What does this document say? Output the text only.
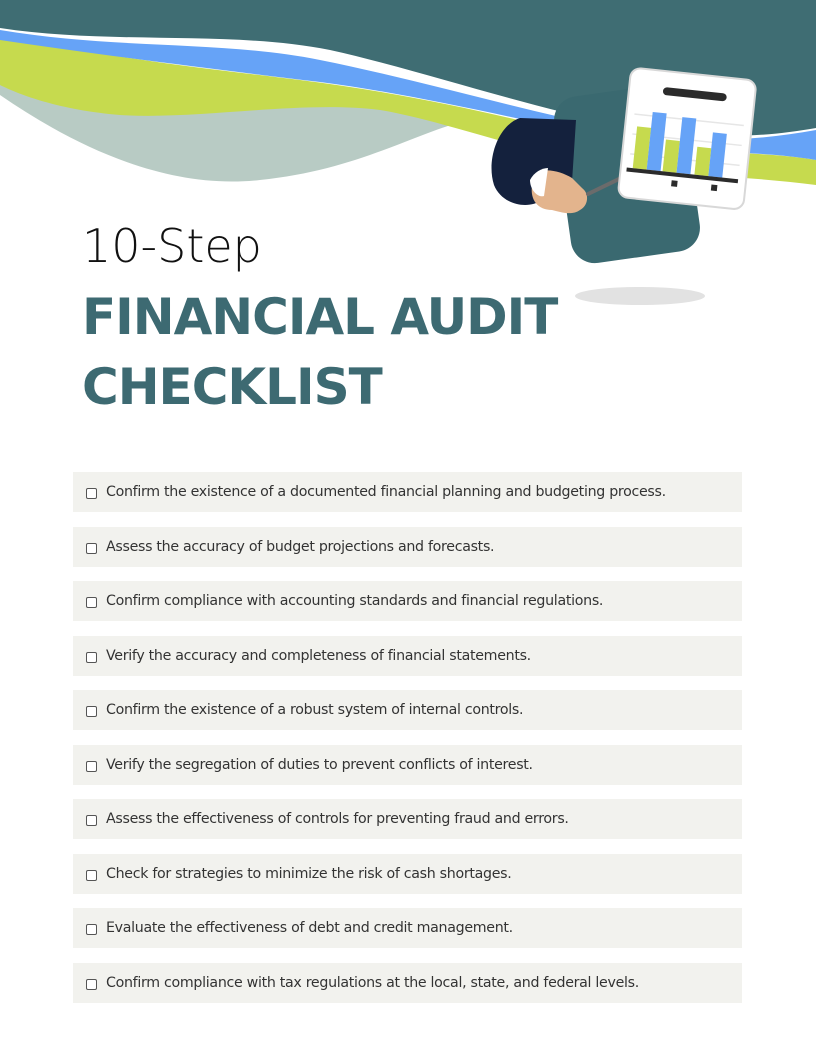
10-Step
FINANCIAL AUDIT
CHECKLIST
Confirm the existence of a documented financial planning and budgeting process.
Assess the accuracy of budget projections and forecasts.
Confirm compliance with accounting standards and financial regulations.
Verify the accuracy and completeness of financial statements.
Confirm the existence of a robust system of internal controls.
Verify the segregation of duties to prevent conflicts of interest.
Assess the effectiveness of controls for preventing fraud and errors.
Check for strategies to minimize the risk of cash shortages.
Evaluate the effectiveness of debt and credit management.
Confirm compliance with tax regulations at the local, state, and federal levels.
